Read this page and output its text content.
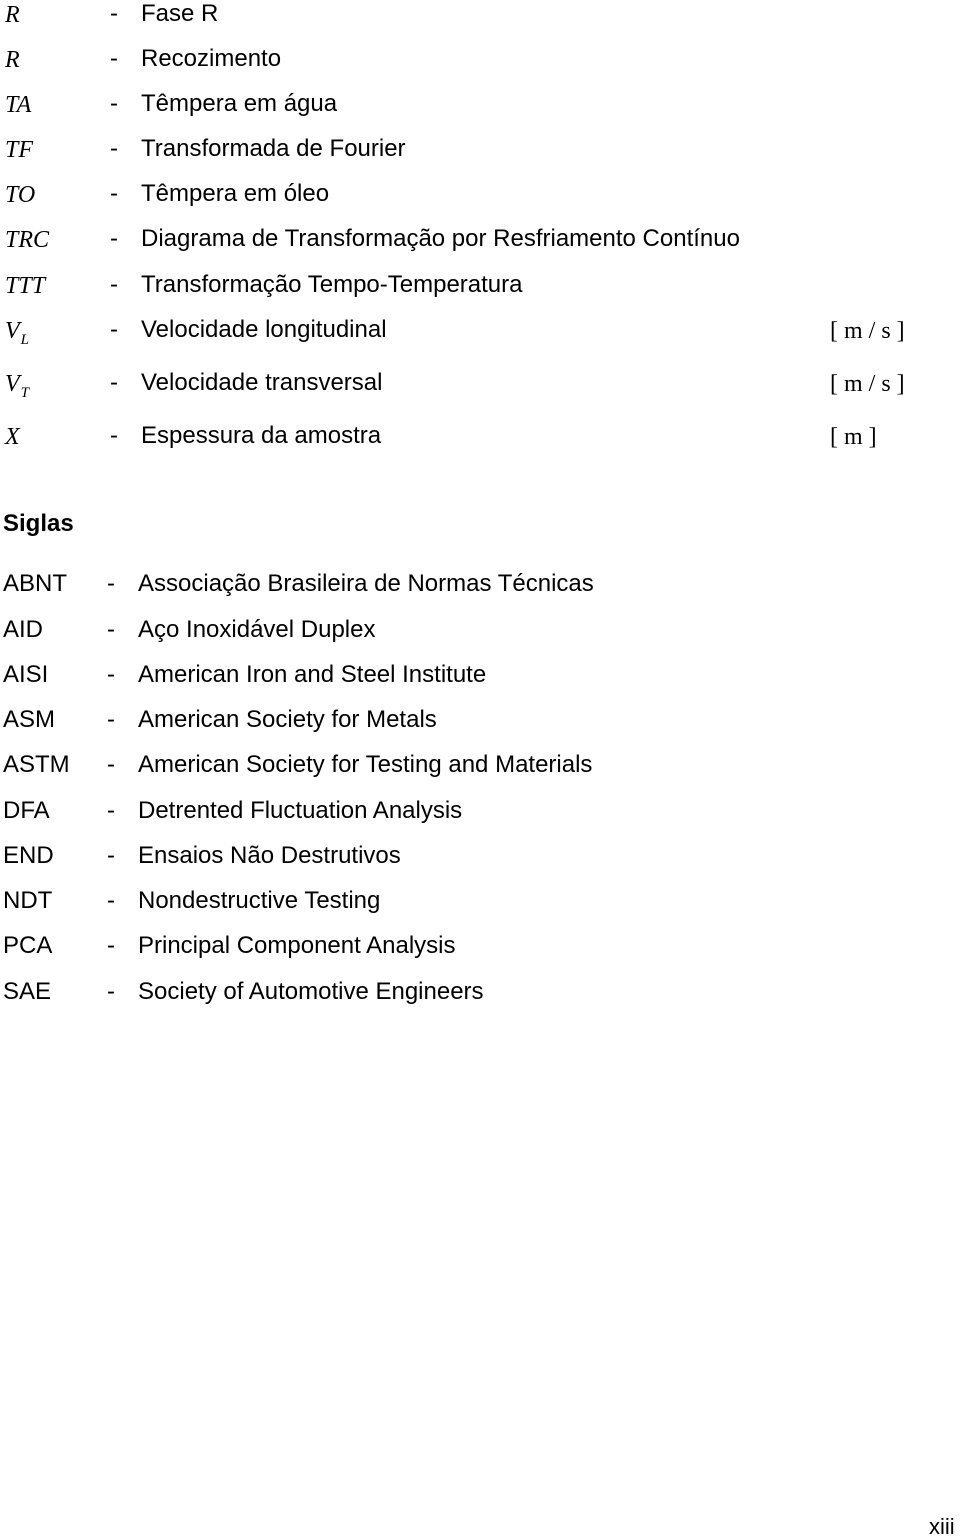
R	- Fase R
R	- Recozimento
TA	- Têmpera em água
TF	- Transformada de Fourier
TO	- Têmpera em óleo
TRC	- Diagrama de Transformação por Resfriamento Contínuo
TTT	- Transformação Tempo-Temperatura
$V_L$	- Velocidade longitudinal	[ m / s ]
$V_T$	- Velocidade transversal	[ m / s ]
X	- Espessura da amostra	[ m ]
Siglas
ABNT - Associação Brasileira de Normas Técnicas
AID	- Aço Inoxidável Duplex
AISI - American Iron and Steel Institute
ASM - American Society for Metals
ASTM - American Society for Testing and Materials
DFA - Detrented Fluctuation Analysis
END - Ensaios Não Destrutivos
NDT - Nondestructive Testing
PCA - Principal Component Analysis
SAE - Society of Automotive Engineers
xiii
